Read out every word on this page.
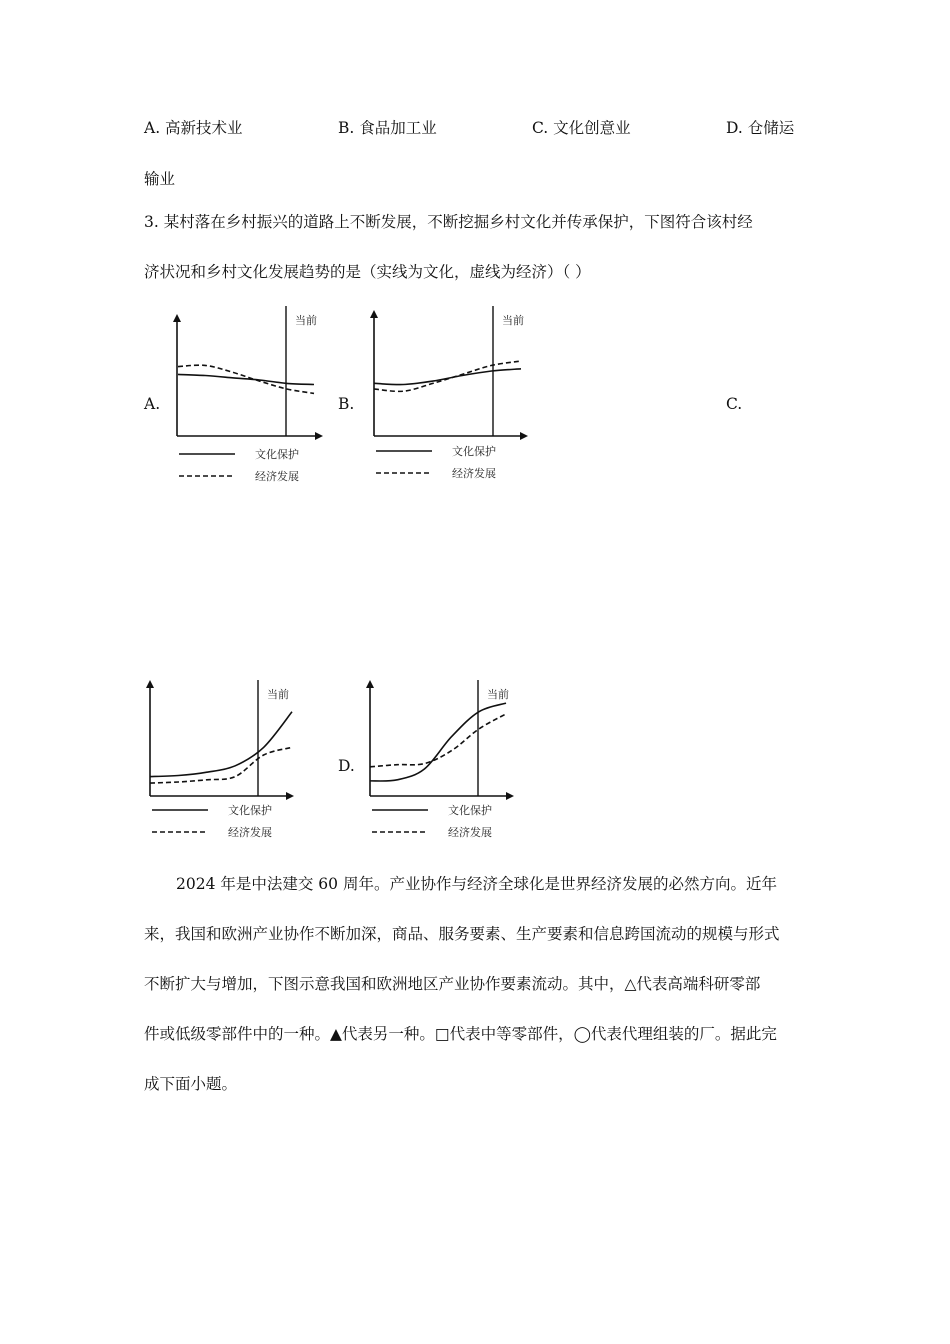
A. 高新技术业	B. 食品加工业	C. 文化创意业	D. 仓储运
输业
3. 某村落在乡村振兴的道路上不断发展，不断挖掘乡村文化并传承保护，下图符合该村经
济状况和乡村文化发展趋势的是（实线为文化，虚线为经济）（ ）
A.	B.	C.
D.
当前
文化保护
经济发展
当前
文化保护
经济发展
当前
文化保护
经济发展
当前
文化保护
经济发展
2024 年是中法建交 60 周年。产业协作与经济全球化是世界经济发展的必然方向。近年
来，我国和欧洲产业协作不断加深，商品、服务要素、生产要素和信息跨国流动的规模与形式
不断扩大与增加，下图示意我国和欧洲地区产业协作要素流动。其中，△代表高端科研零部
件或低级零部件中的一种。▲代表另一种。□代表中等零部件，◯代表代理组装的厂。据此完
成下面小题。
